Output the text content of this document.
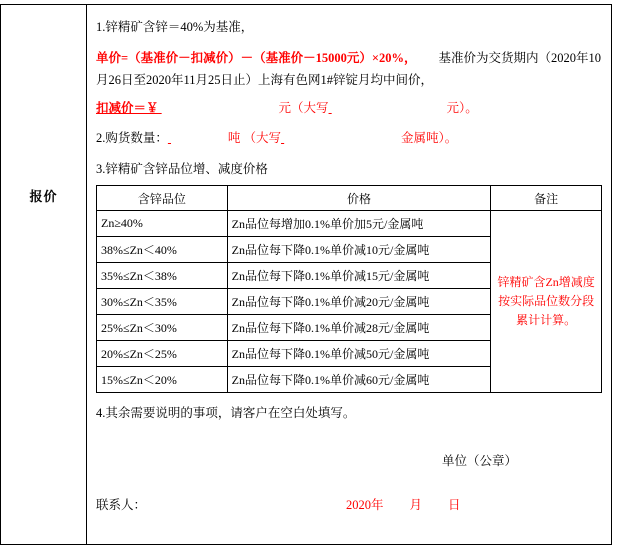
报价
1.锌精矿含锌＝40%为基准，
单价=（基准价－扣减价）－（基准价－15000元）×20%， 基准价为交货期内（2020年10月26日至2020年11月25日止）上海有色网1#锌锭月均中间价，
扣减价＝￥	元（大写	元）。
2.购货数量：	吨 （大写	金属吨）。
3.锌精矿含锌品位增、减度价格
含锌品位	价格	备注
Zn≥40%	Zn品位每增加0.1%单价加5元/金属吨	锌精矿含Zn增减度按实际品位数分段累计计算。
38%≤Zn＜40%	Zn品位每下降0.1%单价减10元/金属吨	
35%≤Zn＜38%	Zn品位每下降0.1%单价减15元/金属吨	
30%≤Zn＜35%	Zn品位每下降0.1%单价减20元/金属吨	
25%≤Zn＜30%	Zn品位每下降0.1%单价减28元/金属吨	
20%≤Zn＜25%	Zn品位每下降0.1%单价减50元/金属吨	
15%≤Zn＜20%	Zn品位每下降0.1%单价减60元/金属吨	
4.其余需要说明的事项，请客户在空白处填写。
单位（公章）
联系人：	2020年 月 日
